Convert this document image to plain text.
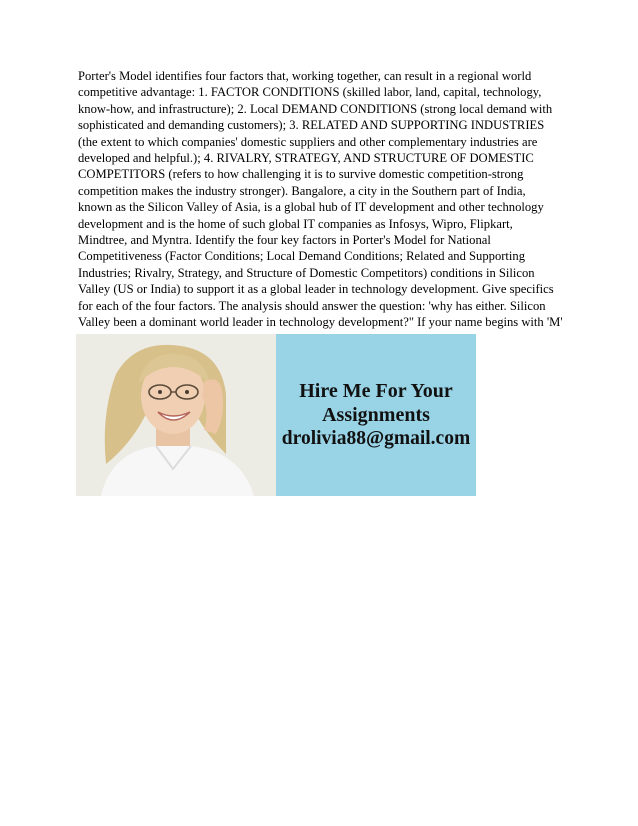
Porter's Model identifies four factors that, working together, can result in a regional world competitive advantage: 1. FACTOR CONDITIONS (skilled labor, land, capital, technology, know-how, and infrastructure); 2. Local DEMAND CONDITIONS (strong local demand with sophisticated and demanding customers); 3. RELATED AND SUPPORTING INDUSTRIES (the extent to which companies' domestic suppliers and other complementary industries are developed and helpful.); 4. RIVALRY, STRATEGY, AND STRUCTURE OF DOMESTIC COMPETITORS (refers to how challenging it is to survive domestic competition-strong competition makes the industry stronger). Bangalore, a city in the Southern part of India, known as the Silicon Valley of Asia, is a global hub of IT development and other technology development and is the home of such global IT companies as Infosys, Wipro, Flipkart, Mindtree, and Myntra. Identify the four key factors in Porter's Model for National Competitiveness (Factor Conditions; Local Demand Conditions; Related and Supporting Industries; Rivalry, Strategy, and Structure of Domestic Competitors) conditions in Silicon Valley (US or India) to support it as a global leader in technology development. Give specifics for each of the four factors. The analysis should answer the question: 'why has either. Silicon Valley been a dominant world leader in technology development?" If your name begins with 'M'

Hire Me For Your
Assignments
drolivia88@gmail.com
